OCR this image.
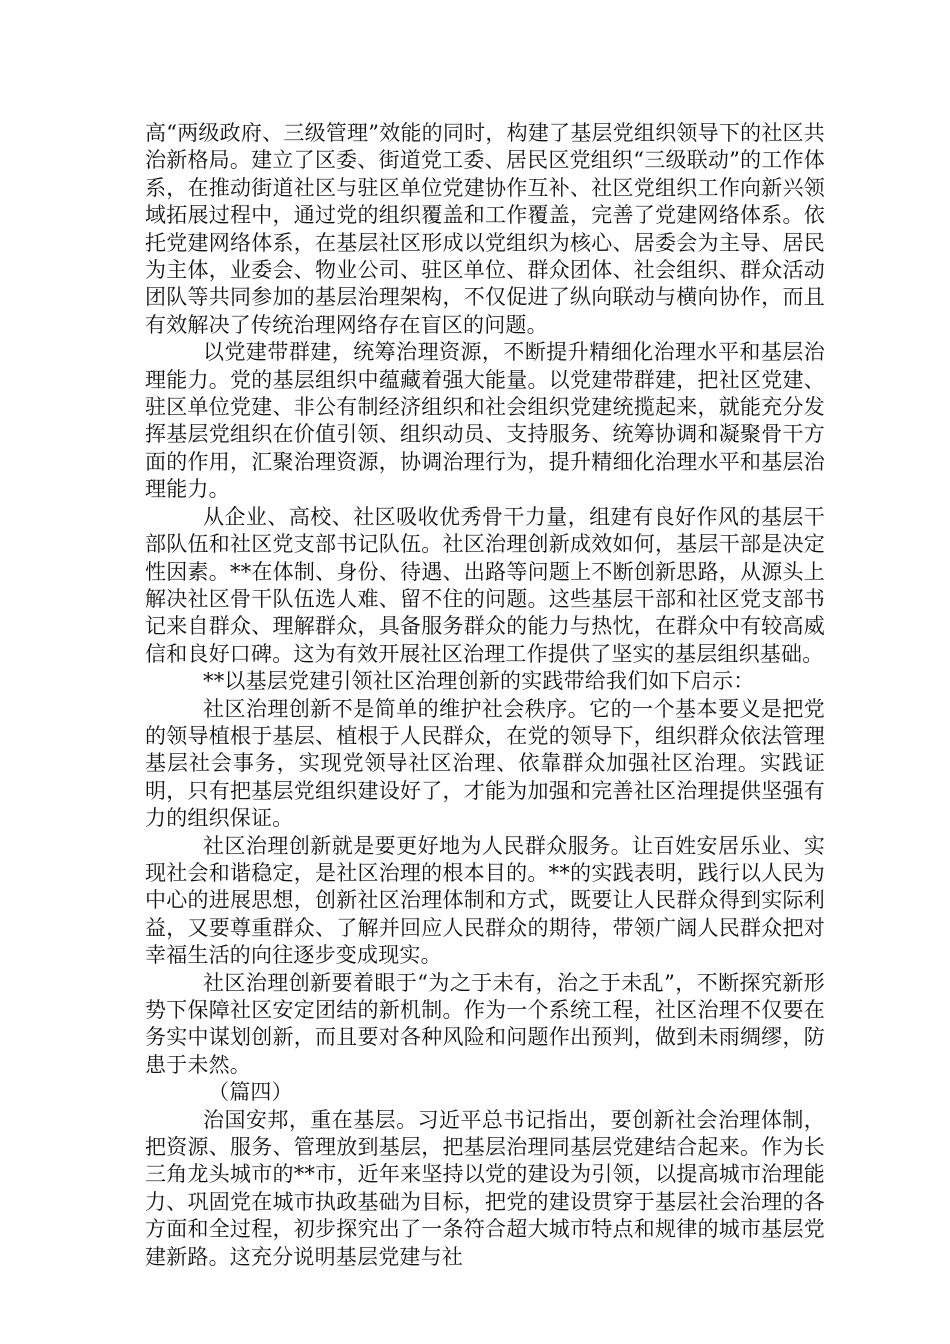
高“两级政府、三级管理”效能的同时，构建了基层党组织领导下的社区共治新格局。建立了区委、街道党工委、居民区党组织“三级联动”的工作体系，在推动街道社区与驻区单位党建协作互补、社区党组织工作向新兴领域拓展过程中，通过党的组织覆盖和工作覆盖，完善了党建网络体系。依托党建网络体系，在基层社区形成以党组织为核心、居委会为主导、居民为主体，业委会、物业公司、驻区单位、群众团体、社会组织、群众活动团队等共同参加的基层治理架构，不仅促进了纵向联动与横向协作，而且有效解决了传统治理网络存在盲区的问题。

以党建带群建，统筹治理资源，不断提升精细化治理水平和基层治理能力。党的基层组织中蕴藏着强大能量。以党建带群建，把社区党建、驻区单位党建、非公有制经济组织和社会组织党建统揽起来，就能充分发挥基层党组织在价值引领、组织动员、支持服务、统筹协调和凝聚骨干方面的作用，汇聚治理资源，协调治理行为，提升精细化治理水平和基层治理能力。

从企业、高校、社区吸收优秀骨干力量，组建有良好作风的基层干部队伍和社区党支部书记队伍。社区治理创新成效如何，基层干部是决定性因素。**在体制、身份、待遇、出路等问题上不断创新思路，从源头上解决社区骨干队伍选人难、留不住的问题。这些基层干部和社区党支部书记来自群众、理解群众，具备服务群众的能力与热忱，在群众中有较高威信和良好口碑。这为有效开展社区治理工作提供了坚实的基层组织基础。

**以基层党建引领社区治理创新的实践带给我们如下启示：

社区治理创新不是简单的维护社会秩序。它的一个基本要义是把党的领导植根于基层、植根于人民群众，在党的领导下，组织群众依法管理基层社会事务，实现党领导社区治理、依靠群众加强社区治理。实践证明，只有把基层党组织建设好了，才能为加强和完善社区治理提供坚强有力的组织保证。

社区治理创新就是要更好地为人民群众服务。让百姓安居乐业、实现社会和谐稳定，是社区治理的根本目的。**的实践表明，践行以人民为中心的进展思想，创新社区治理体制和方式，既要让人民群众得到实际利益，又要尊重群众、了解并回应人民群众的期待，带领广阔人民群众把对幸福生活的向往逐步变成现实。

社区治理创新要着眼于“为之于未有，治之于未乱”，不断探究新形势下保障社区安定团结的新机制。作为一个系统工程，社区治理不仅要在务实中谋划创新，而且要对各种风险和问题作出预判，做到未雨绸缪，防患于未然。

（篇四）

治国安邦，重在基层。习近平总书记指出，要创新社会治理体制，把资源、服务、管理放到基层，把基层治理同基层党建结合起来。作为长三角龙头城市的**市，近年来坚持以党的建设为引领，以提高城市治理能力、巩固党在城市执政基础为目标，把党的建设贯穿于基层社会治理的各方面和全过程，初步探究出了一条符合超大城市特点和规律的城市基层党建新路。这充分说明基层党建与社
